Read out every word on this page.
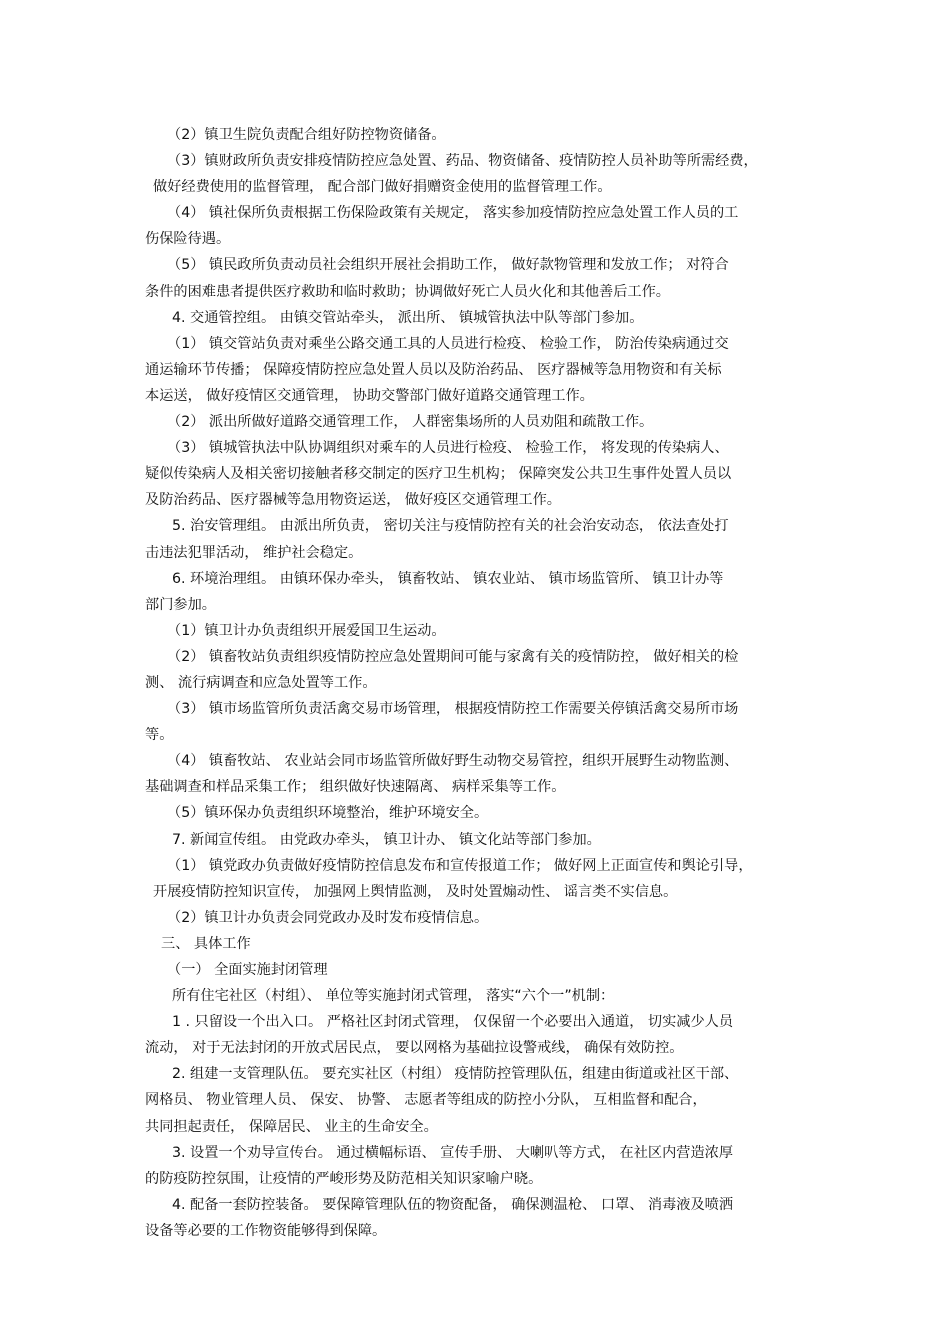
（2）镇卫生院负责配合组好防控物资储备。
（3）镇财政所负责安排疫情防控应急处置、药品、物资储备、疫情防控人员补助等所需经费，
做好经费使用的监督管理， 配合部门做好捐赠资金使用的监督管理工作。
（4） 镇社保所负责根据工伤保险政策有关规定， 落实参加疫情防控应急处置工作人员的工
伤保险待遇。
（5） 镇民政所负责动员社会组织开展社会捐助工作， 做好款物管理和发放工作； 对符合
条件的困难患者提供医疗救助和临时救助；协调做好死亡人员火化和其他善后工作。
4. 交通管控组。 由镇交管站牵头， 派出所、 镇城管执法中队等部门参加。
（1） 镇交管站负责对乘坐公路交通工具的人员进行检疫、 检验工作， 防治传染病通过交
通运输环节传播； 保障疫情防控应急处置人员以及防治药品、 医疗器械等急用物资和有关标
本运送， 做好疫情区交通管理， 协助交警部门做好道路交通管理工作。
（2） 派出所做好道路交通管理工作， 人群密集场所的人员劝阻和疏散工作。
（3） 镇城管执法中队协调组织对乘车的人员进行检疫、 检验工作， 将发现的传染病人、
疑似传染病人及相关密切接触者移交制定的医疗卫生机构； 保障突发公共卫生事件处置人员以
及防治药品、医疗器械等急用物资运送， 做好疫区交通管理工作。
5. 治安管理组。 由派出所负责， 密切关注与疫情防控有关的社会治安动态， 依法查处打
击违法犯罪活动， 维护社会稳定。
6. 环境治理组。 由镇环保办牵头， 镇畜牧站、 镇农业站、 镇市场监管所、 镇卫计办等
部门参加。
（1）镇卫计办负责组织开展爱国卫生运动。
（2） 镇畜牧站负责组织疫情防控应急处置期间可能与家禽有关的疫情防控， 做好相关的检
测、 流行病调查和应急处置等工作。
（3） 镇市场监管所负责活禽交易市场管理， 根据疫情防控工作需要关停镇活禽交易所市场
等。
（4） 镇畜牧站、 农业站会同市场监管所做好野生动物交易管控，组织开展野生动物监测、
基础调查和样品采集工作； 组织做好快速隔离、 病样采集等工作。
（5）镇环保办负责组织环境整治，维护环境安全。
7. 新闻宣传组。 由党政办牵头， 镇卫计办、 镇文化站等部门参加。
（1） 镇党政办负责做好疫情防控信息发布和宣传报道工作； 做好网上正面宣传和舆论引导，
开展疫情防控知识宣传， 加强网上舆情监测， 及时处置煽动性、 谣言类不实信息。
（2）镇卫计办负责会同党政办及时发布疫情信息。
三、 具体工作
（一） 全面实施封闭管理
所有住宅社区（村组）、 单位等实施封闭式管理， 落实“六个一”机制：
1 . 只留设一个出入口。 严格社区封闭式管理， 仅保留一个必要出入通道， 切实减少人员
流动， 对于无法封闭的开放式居民点， 要以网格为基础拉设警戒线， 确保有效防控。
2. 组建一支管理队伍。 要充实社区（村组） 疫情防控管理队伍，组建由街道或社区干部、
网格员、 物业管理人员、 保安、 协警、 志愿者等组成的防控小分队， 互相监督和配合，
共同担起责任， 保障居民、 业主的生命安全。
3. 设置一个劝导宣传台。 通过横幅标语、 宣传手册、 大喇叭等方式， 在社区内营造浓厚
的防疫防控氛围，让疫情的严峻形势及防范相关知识家喻户晓。
4. 配备一套防控装备。 要保障管理队伍的物资配备， 确保测温枪、 口罩、 消毒液及喷洒
设备等必要的工作物资能够得到保障。
